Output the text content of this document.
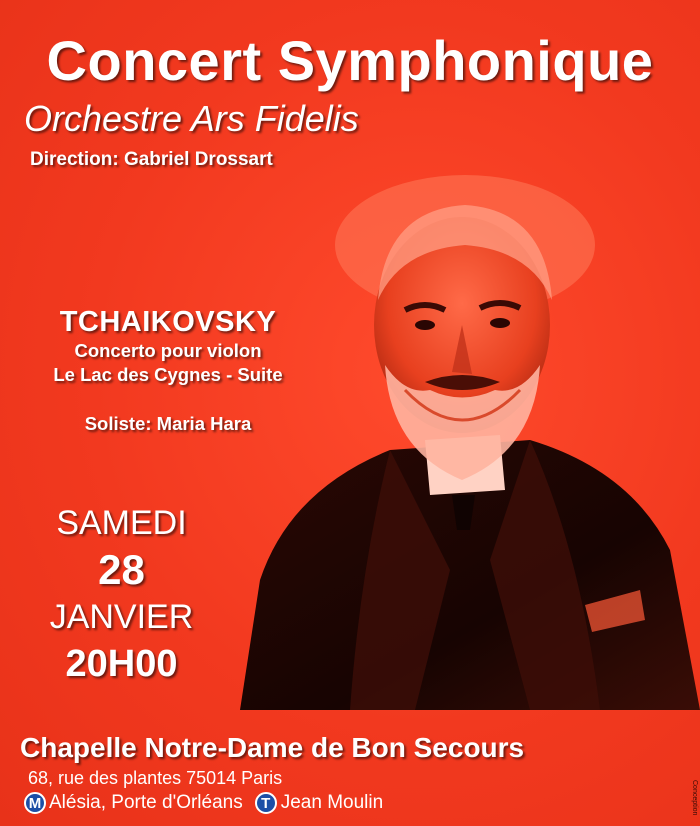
Concert Symphonique
Orchestre Ars Fidelis
Direction: Gabriel Drossart
TCHAIKOVSKY
Concerto pour violon
Le Lac des Cygnes - Suite
Soliste: Maria Hara
SAMEDI
28
JANVIER
20H00
Chapelle Notre-Dame de Bon Secours
68, rue des plantes 75014 Paris
M Alésia, Porte d'Orléans	T Jean Moulin	Conception
